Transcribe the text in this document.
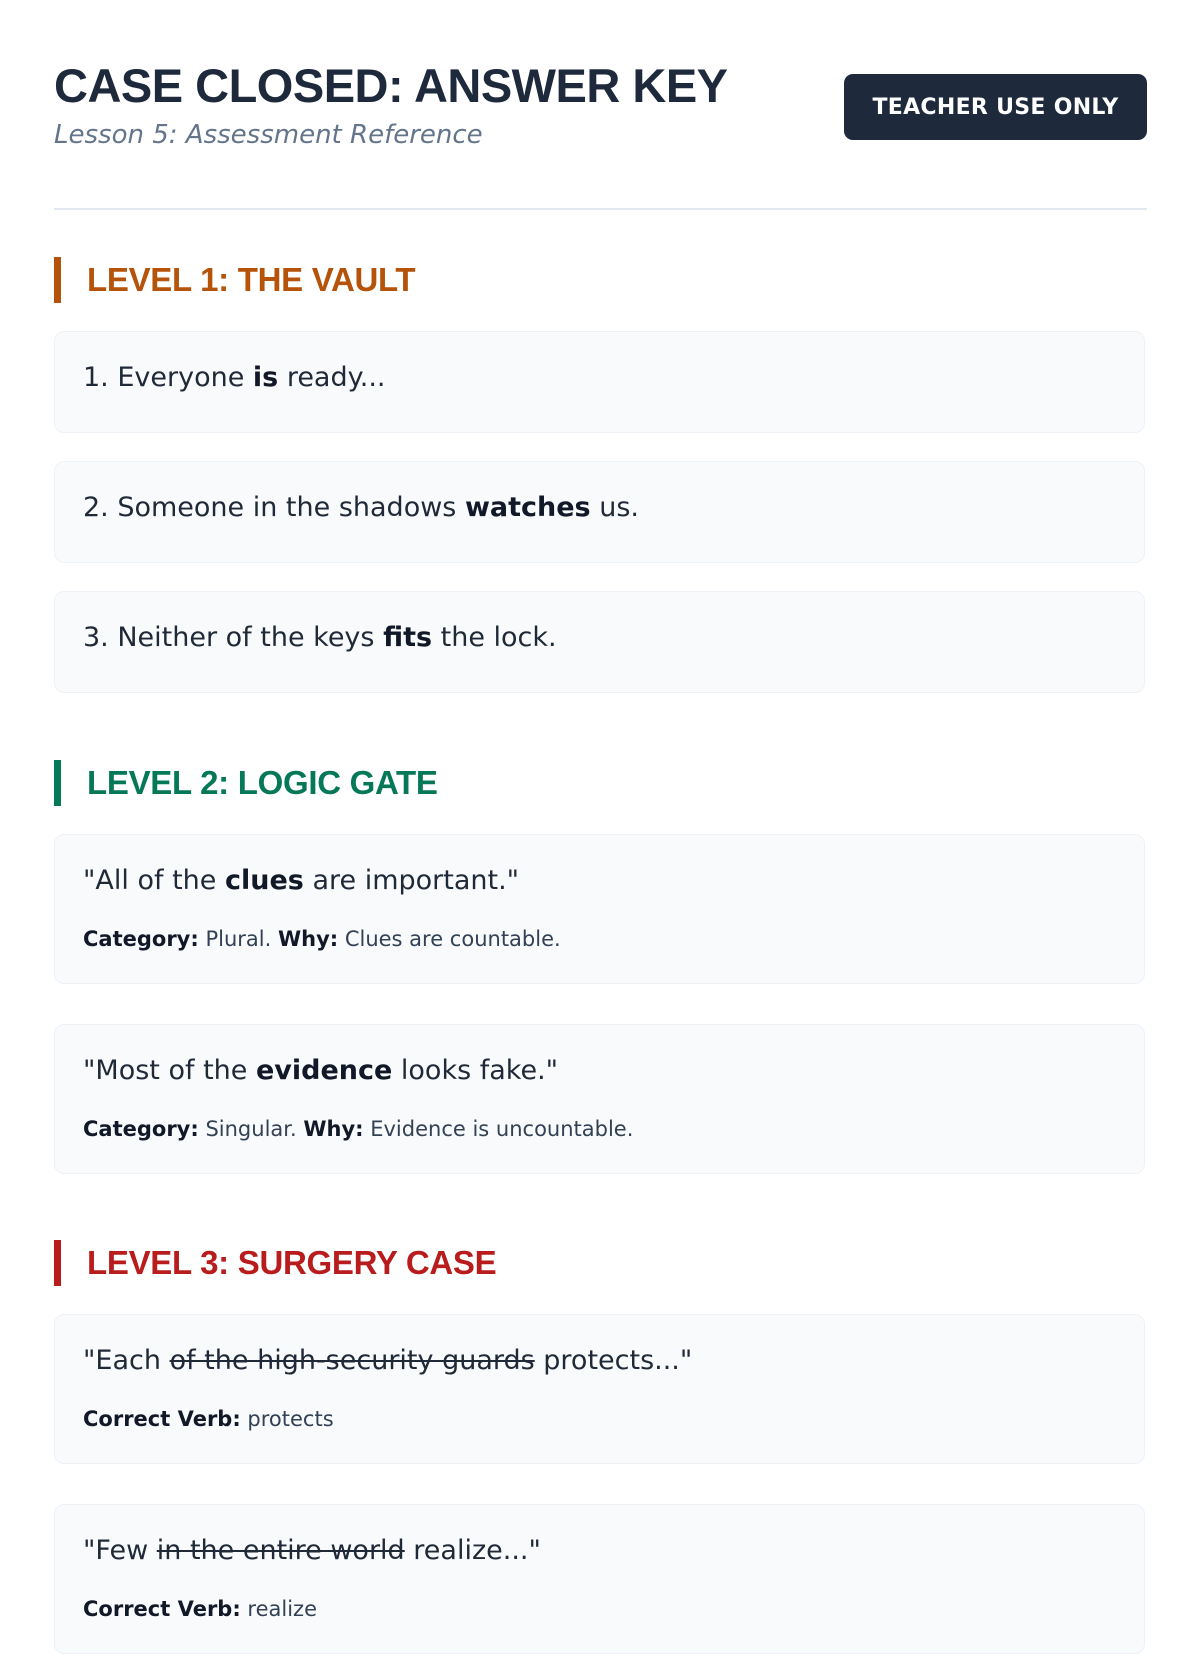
CASE CLOSED: ANSWER KEY

Lesson 5: Assessment Reference

TEACHER USE ONLY
LEVEL 1: THE VAULT
1. Everyone is ready...
2. Someone in the shadows watches us.
3. Neither of the keys fits the lock.
LEVEL 2: LOGIC GATE
"All of the clues are important."
Category: Plural. Why: Clues are countable.
"Most of the evidence looks fake."
Category: Singular. Why: Evidence is uncountable.
LEVEL 3: SURGERY CASE
"Each of the high-security guards protects..."
Correct Verb: protects
"Few in the entire world realize..."
Correct Verb: realize
